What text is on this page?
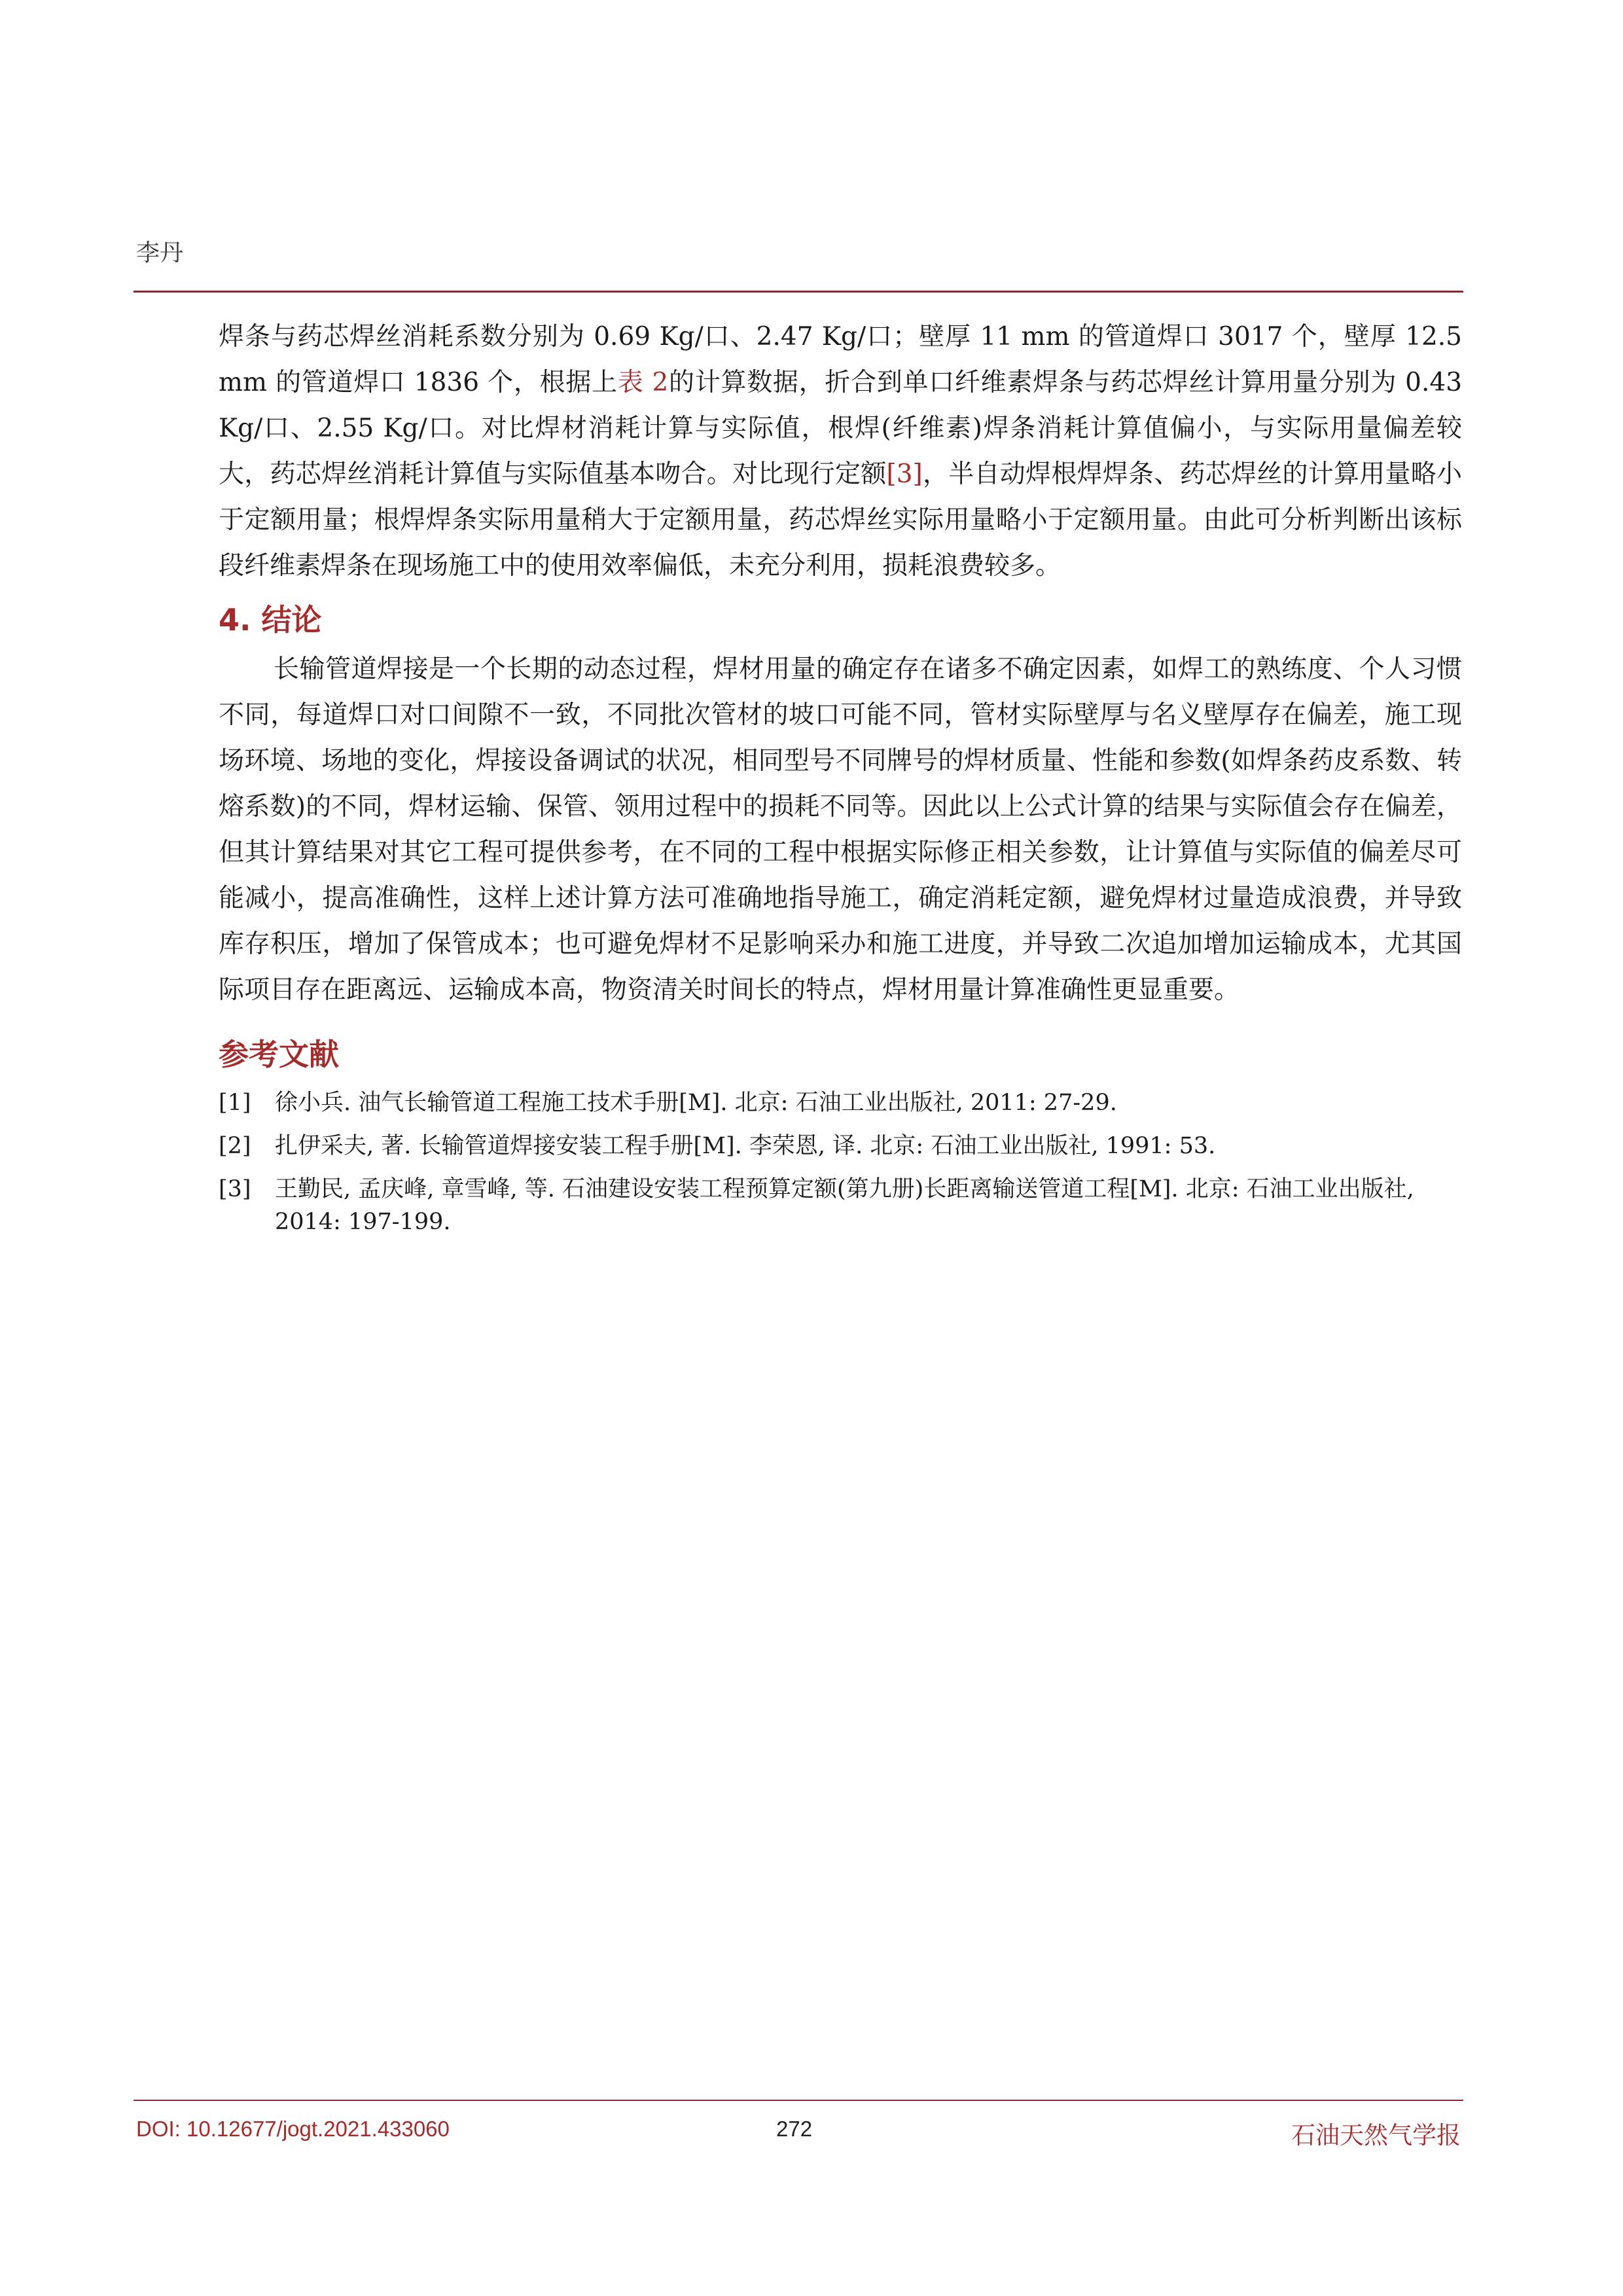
李丹

焊条与药芯焊丝消耗系数分别为 0.69 Kg/口、2.47 Kg/口；壁厚 11 mm 的管道焊口 3017 个，壁厚 12.5 mm 的管道焊口 1836 个，根据上表 2的计算数据，折合到单口纤维素焊条与药芯焊丝计算用量分别为 0.43 Kg/口、2.55 Kg/口。对比焊材消耗计算与实际值，根焊(纤维素)焊条消耗计算值偏小，与实际用量偏差较大，药芯焊丝消耗计算值与实际值基本吻合。对比现行定额[3]，半自动焊根焊焊条、药芯焊丝的计算用量略小于定额用量；根焊焊条实际用量稍大于定额用量，药芯焊丝实际用量略小于定额用量。由此可分析判断出该标段纤维素焊条在现场施工中的使用效率偏低，未充分利用，损耗浪费较多。

4. 结论

长输管道焊接是一个长期的动态过程，焊材用量的确定存在诸多不确定因素，如焊工的熟练度、个人习惯不同，每道焊口对口间隙不一致，不同批次管材的坡口可能不同，管材实际壁厚与名义壁厚存在偏差，施工现场环境、场地的变化，焊接设备调试的状况，相同型号不同牌号的焊材质量、性能和参数(如焊条药皮系数、转熔系数)的不同，焊材运输、保管、领用过程中的损耗不同等。因此以上公式计算的结果与实际值会存在偏差，但其计算结果对其它工程可提供参考，在不同的工程中根据实际修正相关参数，让计算值与实际值的偏差尽可能减小，提高准确性，这样上述计算方法可准确地指导施工，确定消耗定额，避免焊材过量造成浪费，并导致库存积压，增加了保管成本；也可避免焊材不足影响采办和施工进度，并导致二次追加增加运输成本，尤其国际项目存在距离远、运输成本高，物资清关时间长的特点，焊材用量计算准确性更显重要。

参考文献
[1]	徐小兵. 油气长输管道工程施工技术手册[M]. 北京: 石油工业出版社, 2011: 27-29.
[2]	扎伊采夫, 著. 长输管道焊接安装工程手册[M]. 李荣恩, 译. 北京: 石油工业出版社, 1991: 53.
[3]	王勤民, 孟庆峰, 章雪峰, 等. 石油建设安装工程预算定额(第九册)长距离输送管道工程[M]. 北京: 石油工业出版社, 2014: 197-199.
DOI: 10.12677/jogt.2021.433060	272	石油天然气学报
